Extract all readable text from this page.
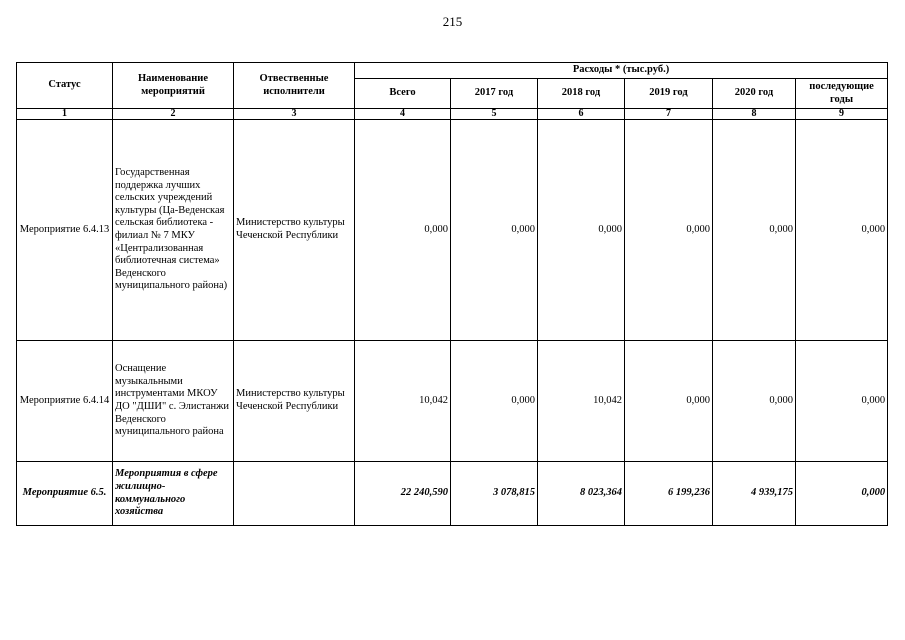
215
Статус	Наименование мероприятий	Отвественные исполнители	Расходы * (тыс.руб.)					
			Всего	2017 год	2018 год	2019 год	2020 год	последующие годы
1	2	3	4	5	6	7	8	9
Мероприятие 6.4.13	Государственная поддержка лучших сельских учреждений культуры (Ца-Веденская сельская библиотека - филиал № 7 МКУ «Централизованная библиотечная система» Веденского муниципального района)	Министерство культуры Чеченской Республики	0,000	0,000	0,000	0,000	0,000	0,000
Мероприятие 6.4.14	Оснащение музыкальными инструментами МКОУ ДО "ДШИ" с. Элистанжи Веденского муниципального района	Министерство культуры Чеченской Республики	10,042	0,000	10,042	0,000	0,000	0,000
Мероприятие 6.5.	Мероприятия в сфере жилищно-коммунального хозяйства		22 240,590	3 078,815	8 023,364	6 199,236	4 939,175	0,000
